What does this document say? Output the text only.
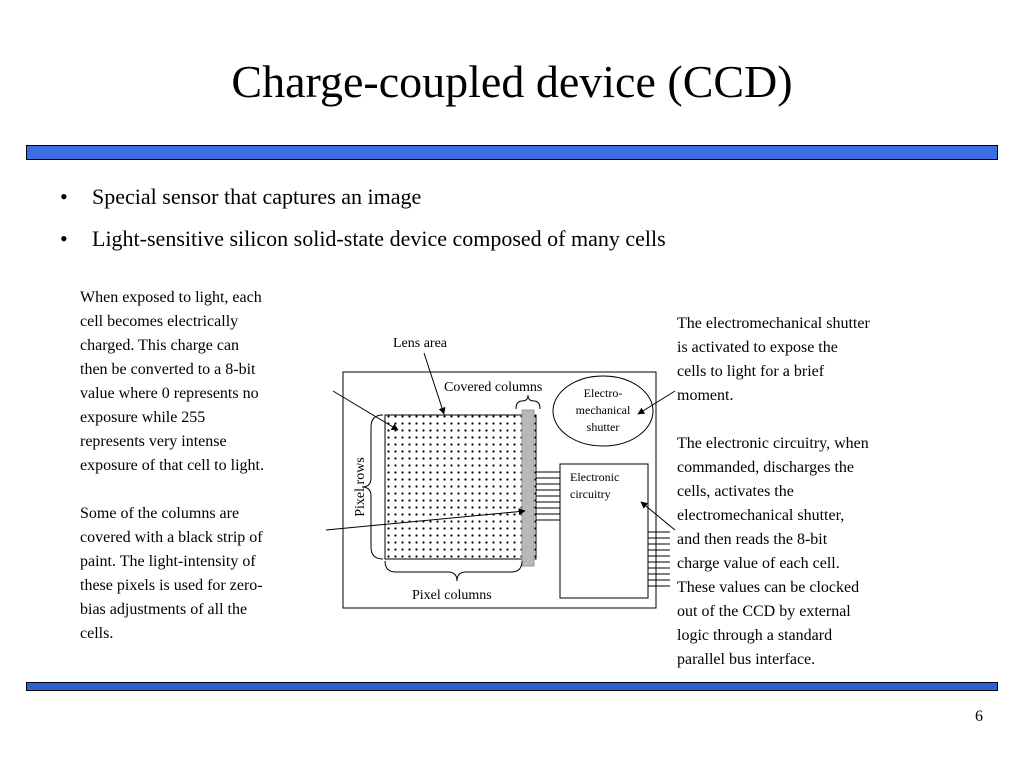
Charge-coupled device (CCD)
• Special sensor that captures an image
• Light-sensitive silicon solid-state device composed of many cells
When exposed to light, each
cell becomes electrically
charged. This charge can
then be converted to a 8-bit
value where 0 represents no
exposure while 255
represents very intense
exposure of that cell to light.

Some of the columns are
covered with a black strip of
paint. The light-intensity of
these pixels is used for zero-
bias adjustments of all the
cells.
The electromechanical shutter
is activated to expose the
cells to light for a brief
moment.

The electronic circuitry, when
commanded, discharges the
cells, activates the
electromechanical shutter,
and then reads the 8-bit
charge value of each cell.
These values can be clocked
out of the CCD by external
logic through a standard
parallel bus interface.
Electronic
circuitry
Electro-
mechanical
shutter
Lens area
Covered columns
Pixel columns
Pixel rows
6
